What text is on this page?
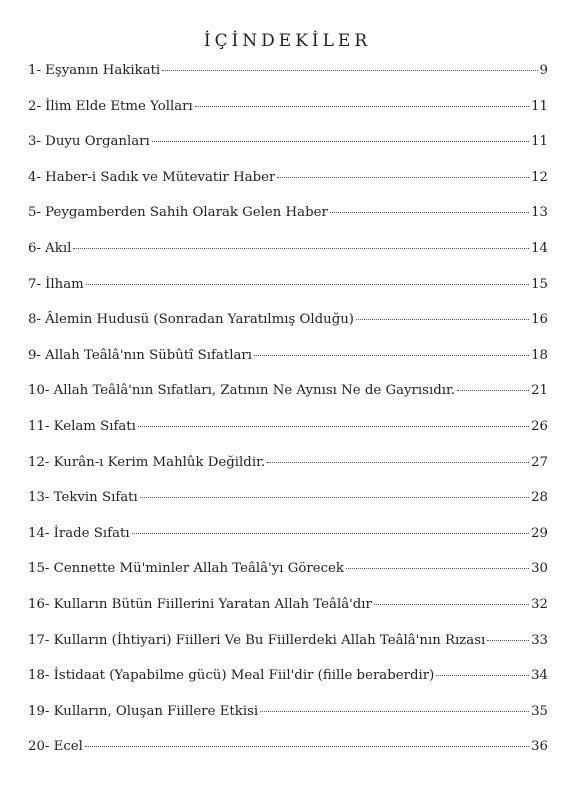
İÇİNDEKİLER
1- Eşyanın Hakikati	9
2- İlim Elde Etme Yolları	11
3- Duyu Organları	11
4- Haber-i Sadık ve Mütevatir Haber	12
5- Peygamberden Sahih Olarak Gelen Haber	13
6- Akıl	14
7- İlham	15
8- Âlemin Hudusü (Sonradan Yaratılmış Olduğu)	16
9- Allah Teâlâ'nın Sübûtî Sıfatları	18
10- Allah Teâlâ'nın Sıfatları, Zatının Ne Aynısı Ne de Gayrısıdır.	21
11- Kelam Sıfatı	26
12- Kurân-ı Kerim Mahlûk Değildir.	27
13- Tekvin Sıfatı	28
14- İrade Sıfatı	29
15- Cennette Mü'minler Allah Teâlâ'yı Görecek	30
16- Kulların Bütün Fiillerini Yaratan Allah Teâlâ'dır	32
17- Kulların (İhtiyari) Fiilleri Ve Bu Fiillerdeki Allah Teâlâ'nın Rızası	33
18- İstidaat (Yapabilme gücü) Meal Fiil'dir (fiille beraberdir)	34
19- Kulların, Oluşan Fiillere Etkisi	35
20- Ecel	36
